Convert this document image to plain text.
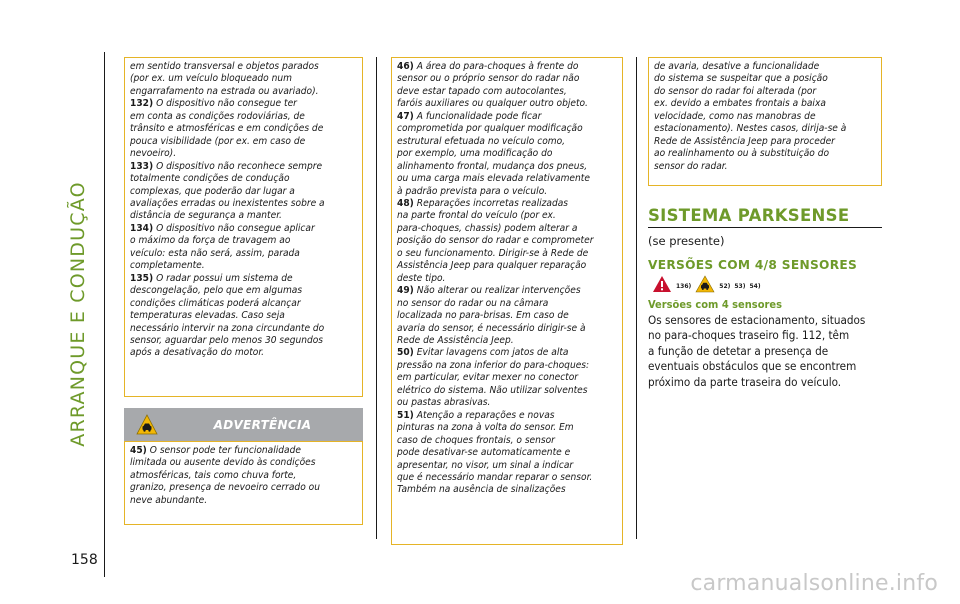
ARRANQUE E CONDUÇÃO
158

em sentido transversal e objetos parados

(por ex. um veículo bloqueado num

engarrafamento na estrada ou avariado).

132) O dispositivo não consegue ter

em conta as condições rodoviárias, de

trânsito e atmosféricas e em condições de

pouca visibilidade (por ex. em caso de

nevoeiro).

133) O dispositivo não reconhece sempre

totalmente condições de condução

complexas, que poderão dar lugar a

avaliações erradas ou inexistentes sobre a

distância de segurança a manter.

134) O dispositivo não consegue aplicar

o máximo da força de travagem ao

veículo: esta não será, assim, parada

completamente.

135) O radar possui um sistema de

descongelação, pelo que em algumas

condições climáticas poderá alcançar

temperaturas elevadas. Caso seja

necessário intervir na zona circundante do

sensor, aguardar pelo menos 30 segundos

após a desativação do motor.

ADVERTÊNCIA

45) O sensor pode ter funcionalidade

limitada ou ausente devido às condições

atmosféricas, tais como chuva forte,

granizo, presença de nevoeiro cerrado ou

neve abundante.

46) A área do para-choques à frente do

sensor ou o próprio sensor do radar não

deve estar tapado com autocolantes,

faróis auxiliares ou qualquer outro objeto.

47) A funcionalidade pode ficar

comprometida por qualquer modificação

estrutural efetuada no veículo como,

por exemplo, uma modificação do

alinhamento frontal, mudança dos pneus,

ou uma carga mais elevada relativamente

à padrão prevista para o veículo.

48) Reparações incorretas realizadas

na parte frontal do veículo (por ex.

para-choques, chassis) podem alterar a

posição do sensor do radar e comprometer

o seu funcionamento. Dirigir-se à Rede de

Assistência Jeep para qualquer reparação

deste tipo.

49) Não alterar ou realizar intervenções

no sensor do radar ou na câmara

localizada no para-brisas. Em caso de

avaria do sensor, é necessário dirigir-se à

Rede de Assistência Jeep.

50) Evitar lavagens com jatos de alta

pressão na zona inferior do para-choques:

em particular, evitar mexer no conector

elétrico do sistema. Não utilizar solventes

ou pastas abrasivas.

51) Atenção a reparações e novas

pinturas na zona à volta do sensor. Em

caso de choques frontais, o sensor

pode desativar-se automaticamente e

apresentar, no visor, um sinal a indicar

que é necessário mandar reparar o sensor.

Também na ausência de sinalizações

de avaria, desative a funcionalidade

do sistema se suspeitar que a posição

do sensor do radar foi alterada (por

ex. devido a embates frontais a baixa

velocidade, como nas manobras de

estacionamento). Nestes casos, dirija-se à

Rede de Assistência Jeep para proceder

ao realinhamento ou à substituição do

sensor do radar.

SISTEMA PARKSENSE
(se presente)
VERSÕES COM 4/8 SENSORES
136)	52) 53) 54)
Versões com 4 sensores

Os sensores de estacionamento, situados

no para-choques traseiro fig. 112, têm

a função de detetar a presença de

eventuais obstáculos que se encontrem

próximo da parte traseira do veículo.

carmanualsonline.info
